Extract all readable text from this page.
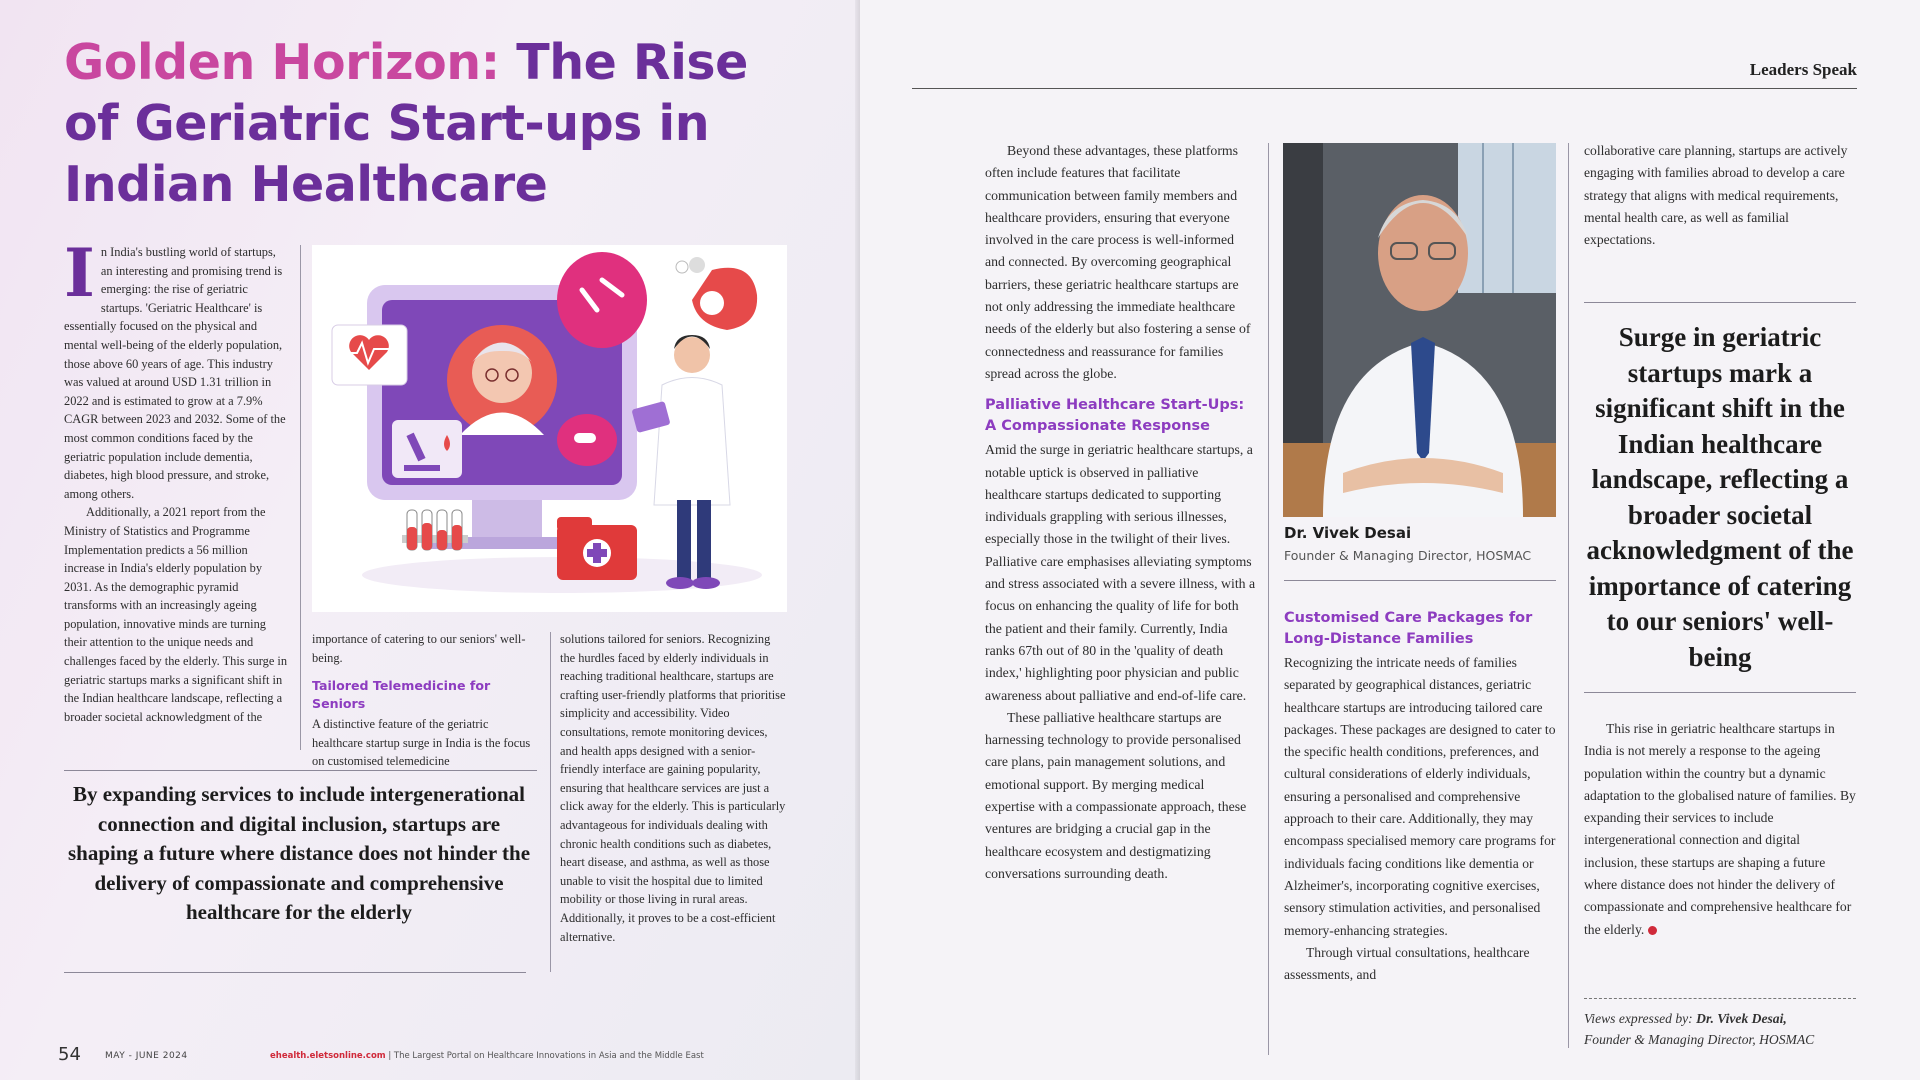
Golden Horizon: The Rise of Geriatric Start-ups in Indian Healthcare

In India's bustling world of startups, an interesting and promising trend is emerging: the rise of geriatric startups. 'Geriatric Healthcare' is essentially focused on the physical and mental well-being of the elderly population, those above 60 years of age. This industry was valued at around USD 1.31 trillion in 2022 and is estimated to grow at a 7.9% CAGR between 2023 and 2032. Some of the most common conditions faced by the geriatric population include dementia, diabetes, high blood pressure, and stroke, among others.

Additionally, a 2021 report from the Ministry of Statistics and Programme Implementation predicts a 56 million increase in India's elderly population by 2031. As the demographic pyramid transforms with an increasingly ageing population, innovative minds are turning their attention to the unique needs and challenges faced by the elderly. This surge in geriatric startups marks a significant shift in the Indian healthcare landscape, reflecting a broader societal acknowledgment of the

importance of catering to our seniors' well-being.

Tailored Telemedicine for Seniors

A distinctive feature of the geriatric healthcare startup surge in India is the focus on customised telemedicine

solutions tailored for seniors. Recognizing the hurdles faced by elderly individuals in reaching traditional healthcare, startups are crafting user-friendly platforms that prioritise simplicity and accessibility. Video consultations, remote monitoring devices, and health apps designed with a senior-friendly interface are gaining popularity, ensuring that healthcare services are just a click away for the elderly. This is particularly advantageous for individuals dealing with chronic health conditions such as diabetes, heart disease, and asthma, as well as those unable to visit the hospital due to limited mobility or those living in rural areas. Additionally, it proves to be a cost-efficient alternative.

By expanding services to include intergenerational connection and digital inclusion, startups are shaping a future where distance does not hinder the delivery of compassionate and comprehensive healthcare for the elderly
54	MAY - JUNE 2024	ehealth.eletsonline.com | The Largest Portal on Healthcare Innovations in Asia and the Middle East
Leaders Speak

Beyond these advantages, these platforms often include features that facilitate communication between family members and healthcare providers, ensuring that everyone involved in the care process is well-informed and connected. By overcoming geographical barriers, these geriatric healthcare startups are not only addressing the immediate healthcare needs of the elderly but also fostering a sense of connectedness and reassurance for families spread across the globe.

Palliative Healthcare Start-Ups: A Compassionate Response

Amid the surge in geriatric healthcare startups, a notable uptick is observed in palliative healthcare startups dedicated to supporting individuals grappling with serious illnesses, especially those in the twilight of their lives. Palliative care emphasises alleviating symptoms and stress associated with a severe illness, with a focus on enhancing the quality of life for both the patient and their family. Currently, India ranks 67th out of 80 in the 'quality of death index,' highlighting poor physician and public awareness about palliative and end-of-life care.

These palliative healthcare startups are harnessing technology to provide personalised care plans, pain management solutions, and emotional support. By merging medical expertise with a compassionate approach, these ventures are bridging a crucial gap in the healthcare ecosystem and destigmatizing conversations surrounding death.

Dr. Vivek Desai
Founder & Managing Director, HOSMAC
Customised Care Packages for Long-Distance Families

Recognizing the intricate needs of families separated by geographical distances, geriatric healthcare startups are introducing tailored care packages. These packages are designed to cater to the specific health conditions, preferences, and cultural considerations of elderly individuals, ensuring a personalised and comprehensive approach to their care. Additionally, they may encompass specialised memory care programs for individuals facing conditions like dementia or Alzheimer's, incorporating cognitive exercises, sensory stimulation activities, and personalised memory-enhancing strategies.

Through virtual consultations, healthcare assessments, and

collaborative care planning, startups are actively engaging with families abroad to develop a care strategy that aligns with medical requirements, mental health care, as well as familial expectations.

Surge in geriatric startups mark a significant shift in the Indian healthcare landscape, reflecting a broader societal acknowledgment of the importance of catering to our seniors' well-being

This rise in geriatric healthcare startups in India is not merely a response to the ageing population within the country but a dynamic adaptation to the globalised nature of families. By expanding their services to include intergenerational connection and digital inclusion, these startups are shaping a future where distance does not hinder the delivery of compassionate and comprehensive healthcare for the elderly.

Views expressed by: Dr. Vivek Desai,
Founder & Managing Director, HOSMAC
